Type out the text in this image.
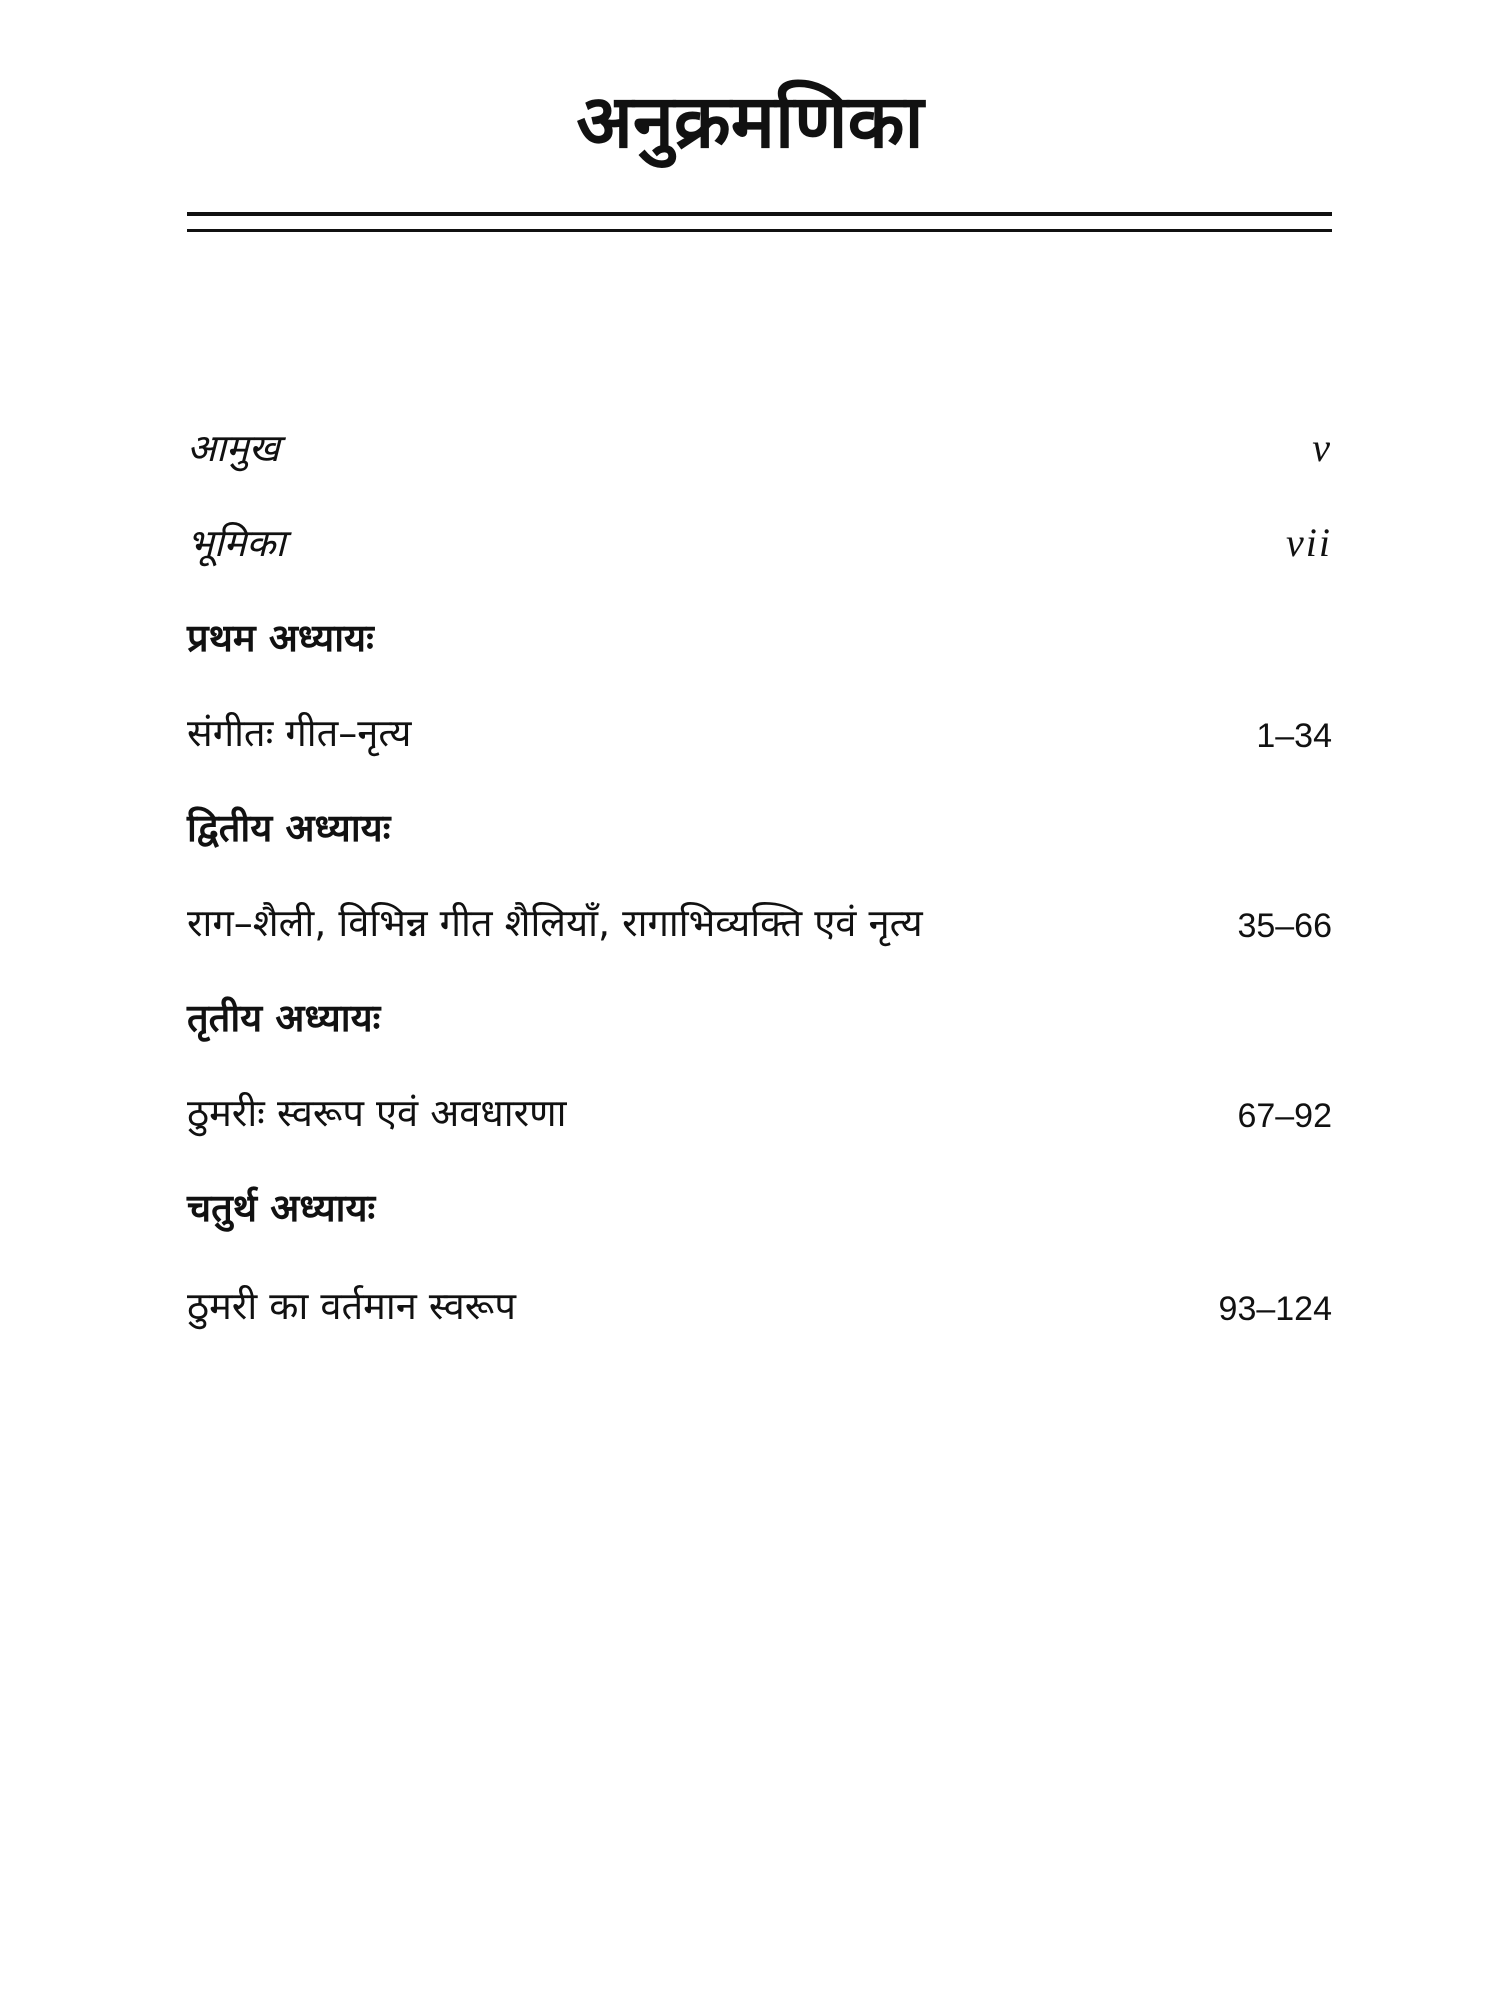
अनुक्रमणिका
आमुख	v
भूमिका	vii
प्रथम अध्यायः
संगीतः गीत–नृत्य	1–34
द्वितीय अध्यायः
राग–शैली, विभिन्न गीत शैलियाँ, रागाभिव्यक्ति एवं नृत्य	35–66
तृतीय अध्यायः
ठुमरीः स्वरूप एवं अवधारणा	67–92
चतुर्थ अध्यायः
ठुमरी का वर्तमान स्वरूप	93–124
